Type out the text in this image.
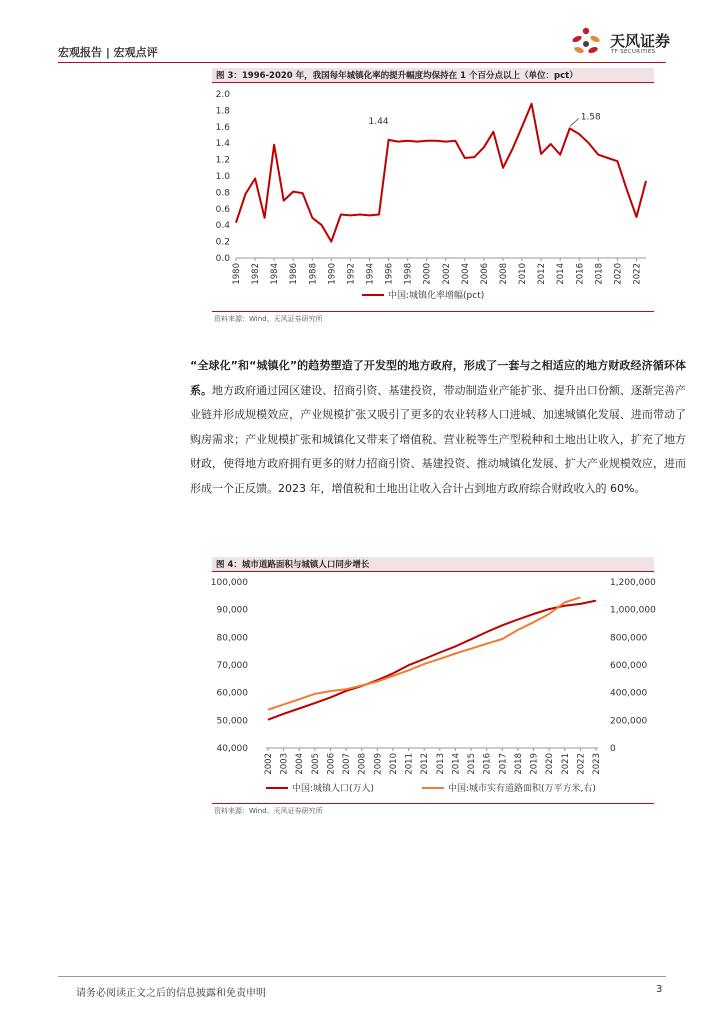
宏观报告 | 宏观点评
天风证券
TF SECURITIES
图 3：1996-2020 年，我国每年城镇化率的提升幅度均保持在 1 个百分点以上（单位：pct）
2.0
1.8
1.6
1.4
1.2
1.0
0.8
0.6
0.4
0.2
0.0
1980 1982 1984 1986 1988 1990 1992 1994 1996 1998 2000 2002 2004 2006 2008 2010 2012 2014 2016 2018 2020 2022
1.44	1.58
中国:城镇化率增幅(pct)
资料来源：Wind、天风证券研究所
“全球化”和“城镇化”的趋势塑造了开发型的地方政府，形成了一套与之相适应的地方财政经济循环体系。地方政府通过园区建设、招商引资、基建投资，带动制造业产能扩张、提升出口份额、逐渐完善产业链并形成规模效应，产业规模扩张又吸引了更多的农业转移人口进城、加速城镇化发展、进而带动了购房需求；产业规模扩张和城镇化又带来了增值税、营业税等生产型税种和土地出让收入，扩充了地方财政，使得地方政府拥有更多的财力招商引资、基建投资、推动城镇化发展、扩大产业规模效应，进而形成一个正反馈。2023 年，增值税和土地出让收入合计占到地方政府综合财政收入的 60%。
图 4：城市道路面积与城镇人口同步增长
100,000
90,000
80,000
70,000
60,000
50,000
40,000
1,200,000
1,000,000
800,000
600,000
400,000
200,000
0
2002 2003 2004 2005 2006 2007 2008 2009 2010 2011 2012 2013 2014 2015 2016 2017 2018 2019 2020 2021 2022 2023
中国:城镇人口(万人)	中国:城市实有道路面积(万平方米,右)
资料来源：Wind、天风证券研究所
请务必阅读正文之后的信息披露和免责申明	3
